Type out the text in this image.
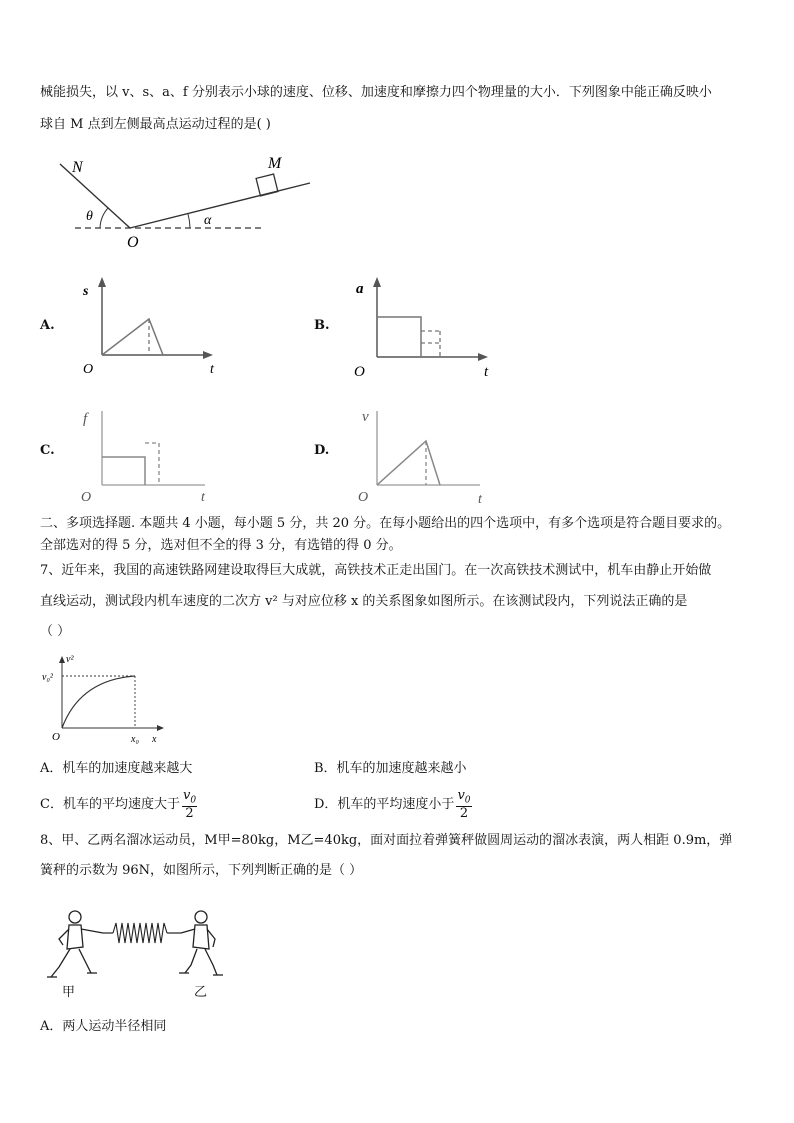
械能损失，以 v、s、a、f 分别表示小球的速度、位移、加速度和摩擦力四个物理量的大小．下列图象中能正确反映小
球自 M 点到左侧最高点运动过程的是( )
N	M
O
θ	α
A.
s
O	t
B.
a
O	t
C.
f
O	t
D.
v
O	t
二、多项选择题. 本题共 4 小题，每小题 5 分，共 20 分。在每小题给出的四个选项中，有多个选项是符合题目要求的。
全部选对的得 5 分，选对但不全的得 3 分，有选错的得 0 分。
7、近年来，我国的高速铁路网建设取得巨大成就，高铁技术正走出国门。在一次高铁技术测试中，机车由静止开始做
直线运动，测试段内机车速度的二次方 v² 与对应位移 x 的关系图象如图所示。在该测试段内，下列说法正确的是
（ ）
v²
v₀²
O	x₀ x
A．机车的加速度越来越大	B．机车的加速度越来越小
C．机车的平均速度大于 $\frac{v_0}{2}$	D．机车的平均速度小于 $\frac{v_0}{2}$
8、甲、乙两名溜冰运动员，M甲=80kg，M乙=40kg，面对面拉着弹簧秤做圆周运动的溜冰表演，两人相距 0.9m，弹
簧秤的示数为 96N，如图所示，下列判断正确的是（ ）
甲	乙
A．两人运动半径相同
